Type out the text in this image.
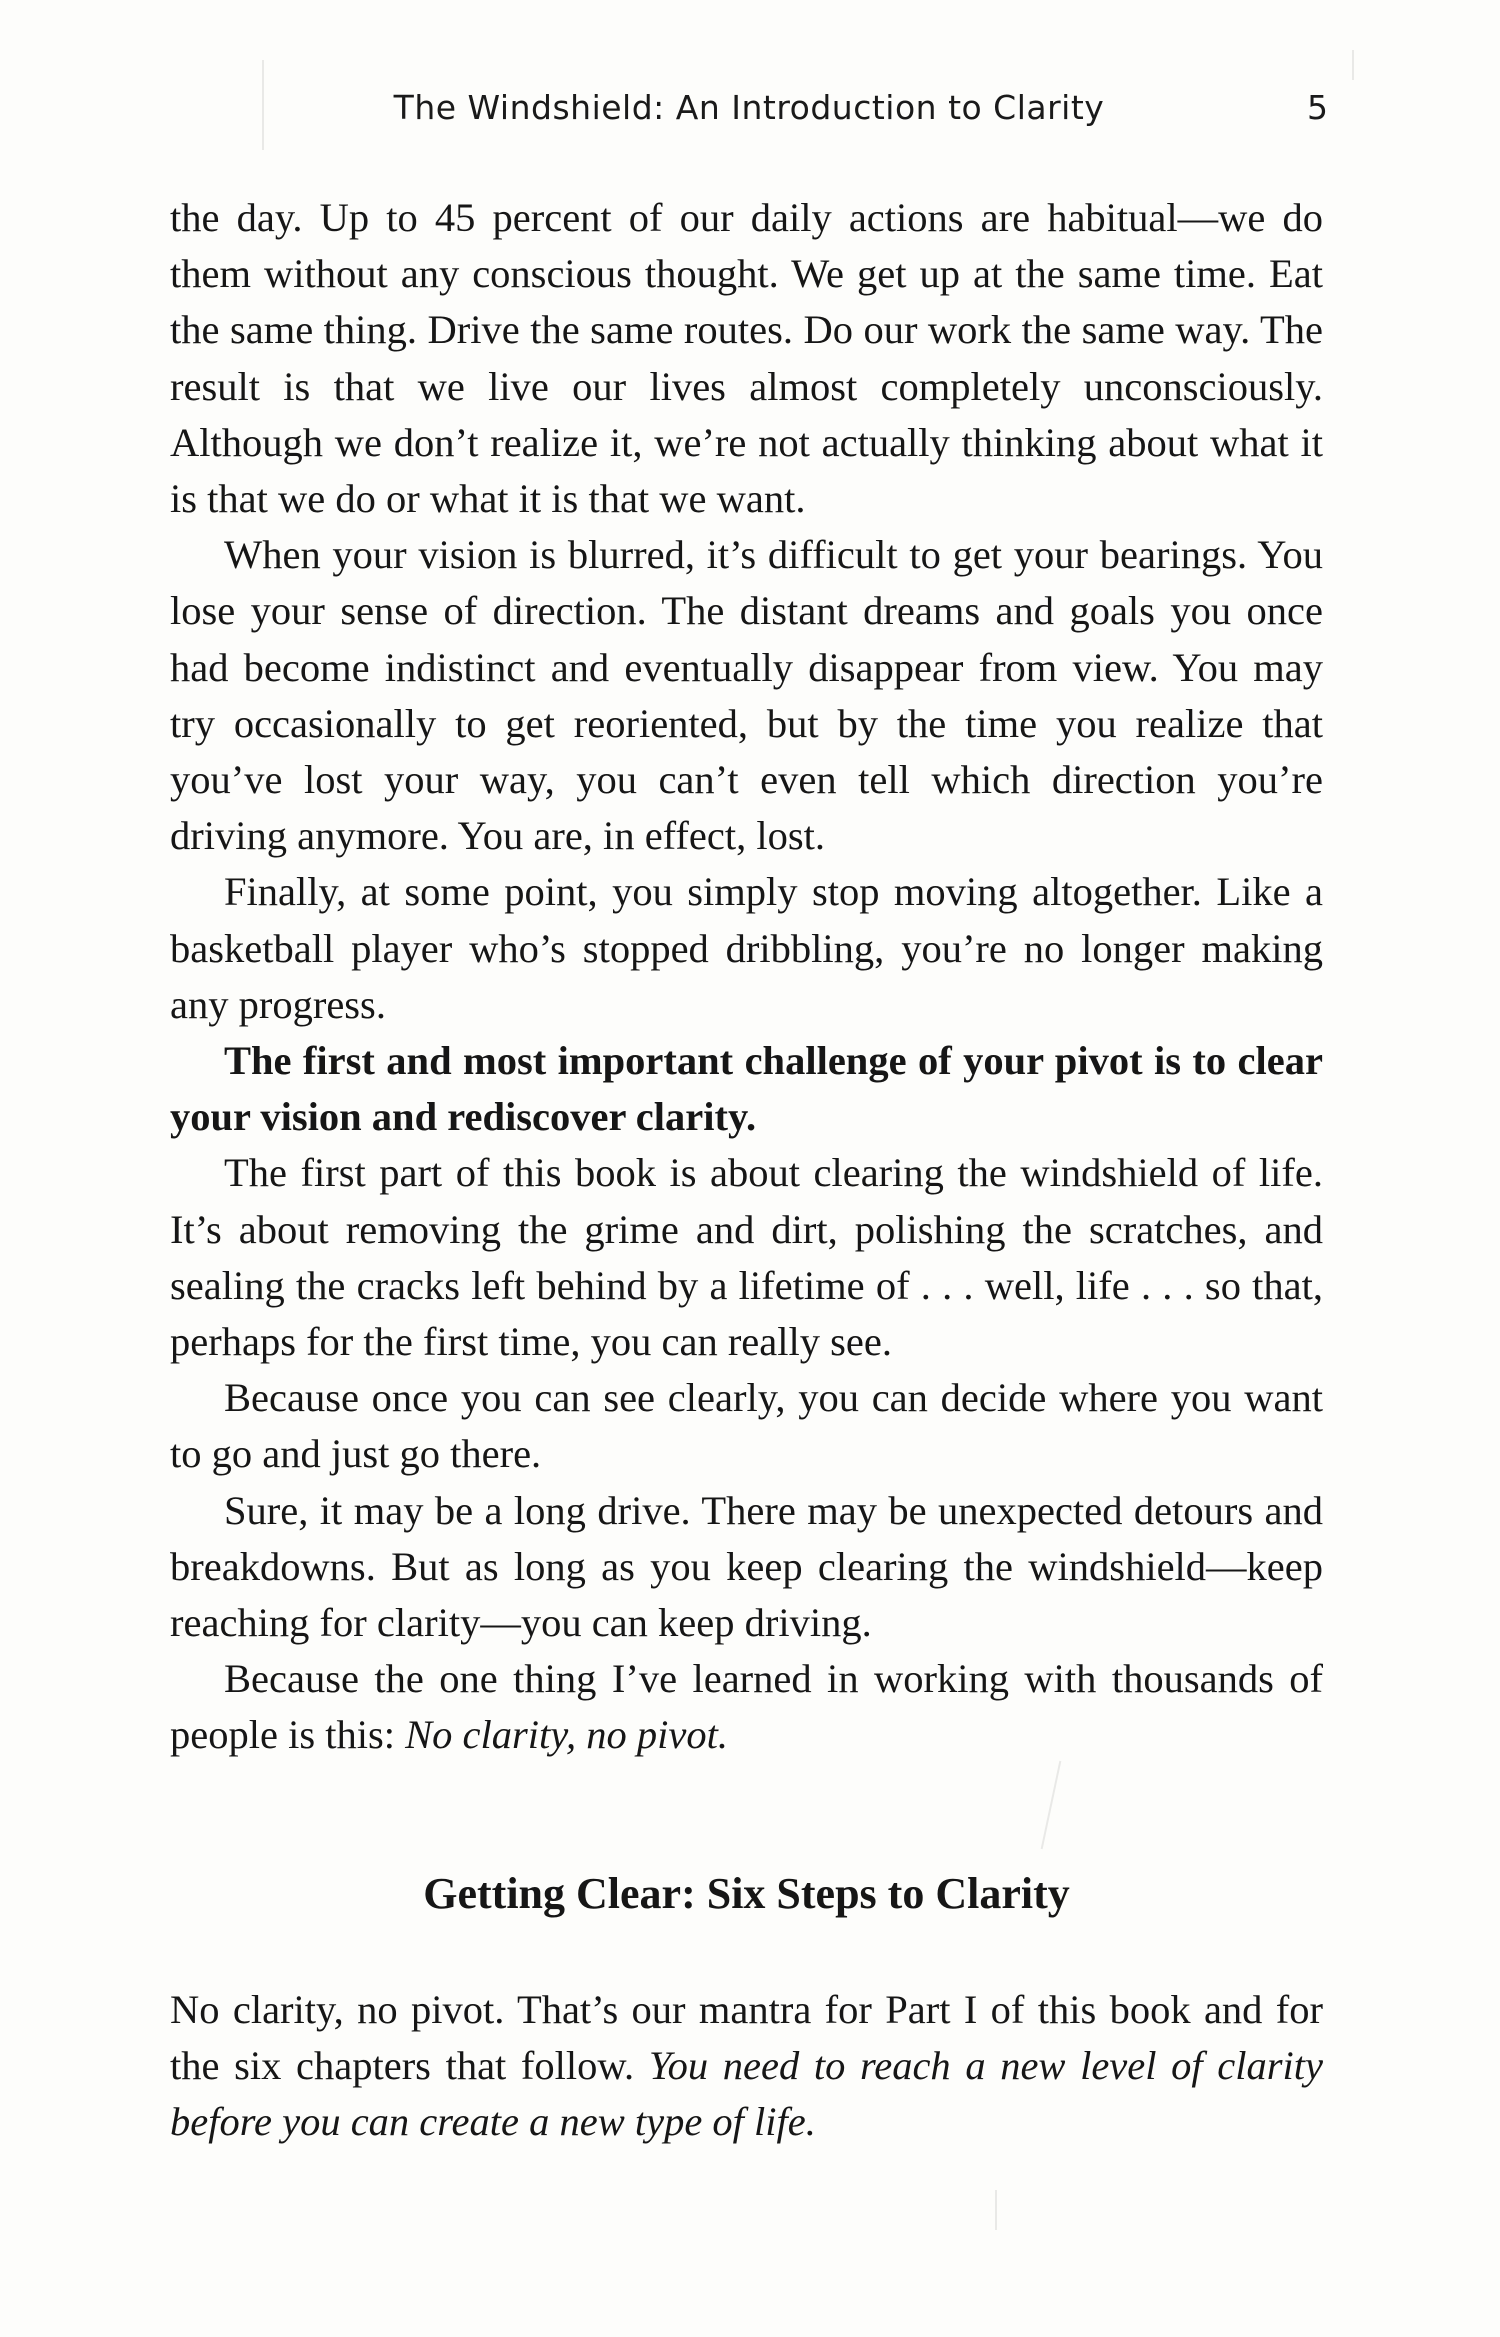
The Windshield: An Introduction to Clarity	5

the day. Up to 45 percent of our daily actions are habitual—we do them without any conscious thought. We get up at the same time. Eat the same thing. Drive the same routes. Do our work the same way. The result is that we live our lives almost completely unconsciously. Although we don’t realize it, we’re not actually thinking about what it is that we do or what it is that we want.

When your vision is blurred, it’s difficult to get your bearings. You lose your sense of direction. The distant dreams and goals you once had become indistinct and eventually disappear from view. You may try occasionally to get reoriented, but by the time you realize that you’ve lost your way, you can’t even tell which direction you’re driving anymore. You are, in effect, lost.

Finally, at some point, you simply stop moving altogether. Like a basketball player who’s stopped dribbling, you’re no longer making any progress.

The first and most important challenge of your pivot is to clear your vision and rediscover clarity.

The first part of this book is about clearing the windshield of life. It’s about removing the grime and dirt, polishing the scratches, and sealing the cracks left behind by a lifetime of . . . well, life . . . so that, perhaps for the first time, you can really see.

Because once you can see clearly, you can decide where you want to go and just go there.

Sure, it may be a long drive. There may be unexpected detours and breakdowns. But as long as you keep clearing the windshield—keep reaching for clarity—you can keep driving.

Because the one thing I’ve learned in working with thousands of people is this: No clarity, no pivot.

Getting Clear: Six Steps to Clarity

No clarity, no pivot. That’s our mantra for Part I of this book and for the six chapters that follow. You need to reach a new level of clarity before you can create a new type of life.
